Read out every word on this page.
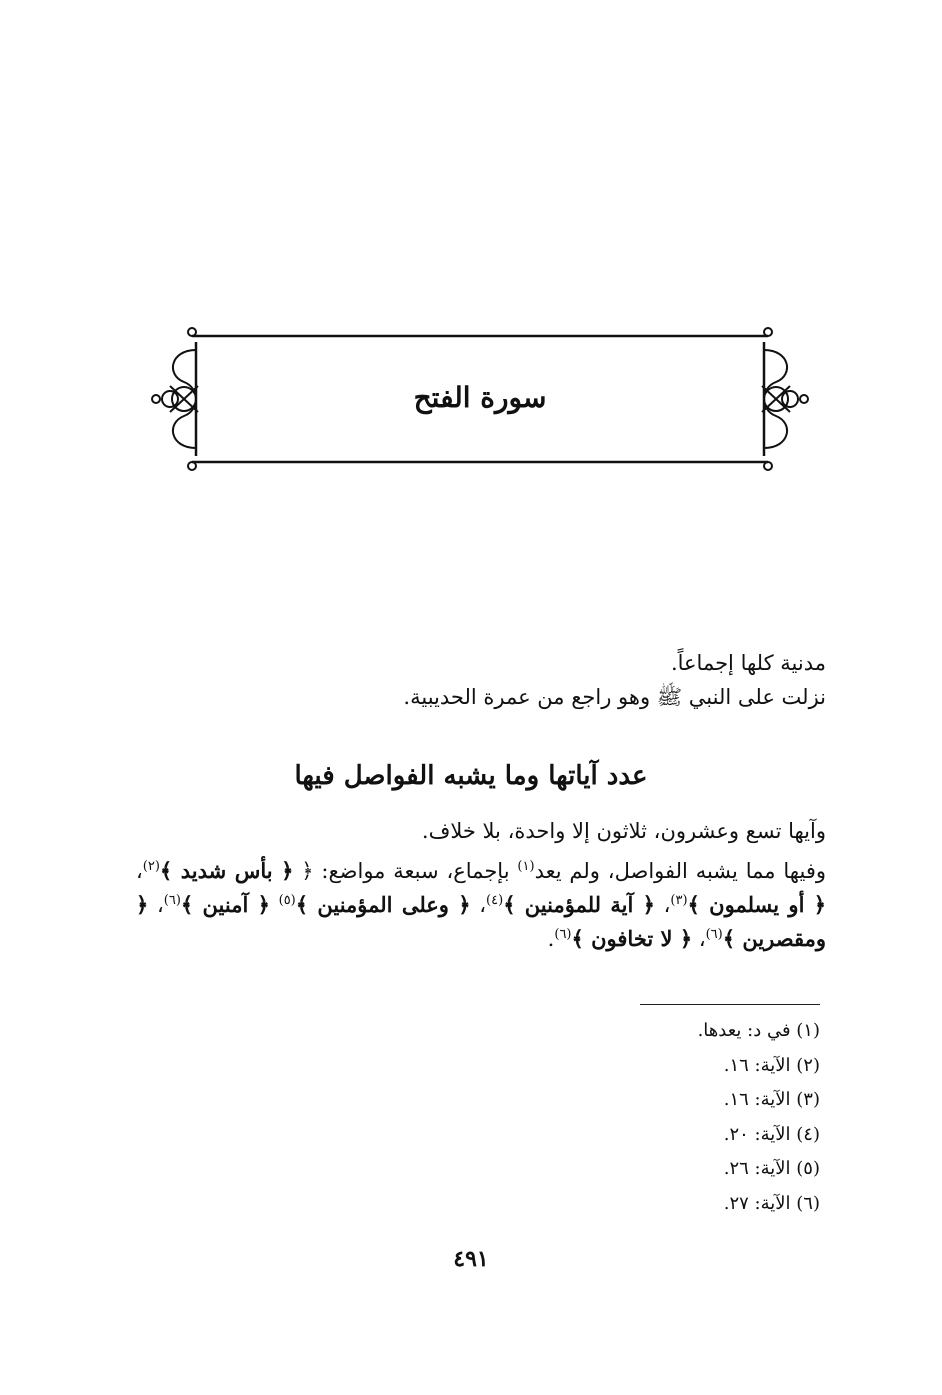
سورة الفتح

مدنية كلها إجماعاً.

نزلت على النبي ﷺ وهو راجع من عمرة الحديبية.

عدد آياتها وما يشبه الفواصل فيها

وآيها تسع وعشرون، ثلاثون إلا واحدة، بلا خلاف.

وفيها مما يشبه الفواصل، ولم يعد$^{(١)}$ بإجماع، سبعة مواضع: ﴿ ﴿ بأس شديد ﴾$^{(٢)}$، ﴿ أو يسلمون ﴾$^{(٣)}$، ﴿ آية للمؤمنين ﴾$^{(٤)}$، ﴿ وعلى المؤمنين ﴾$^{(٥)}$ ﴿ آمنين ﴾$^{(٦)}$، ﴿ ومقصرين ﴾$^{(٦)}$، ﴿ لا تخافون ﴾$^{(٦)}$.

(١) في د: يعدها.
(٢) الآية: ١٦.
(٣) الآية: ١٦.
(٤) الآية: ٢٠.
(٥) الآية: ٢٦.
(٦) الآية: ٢٧.
٤٩١
